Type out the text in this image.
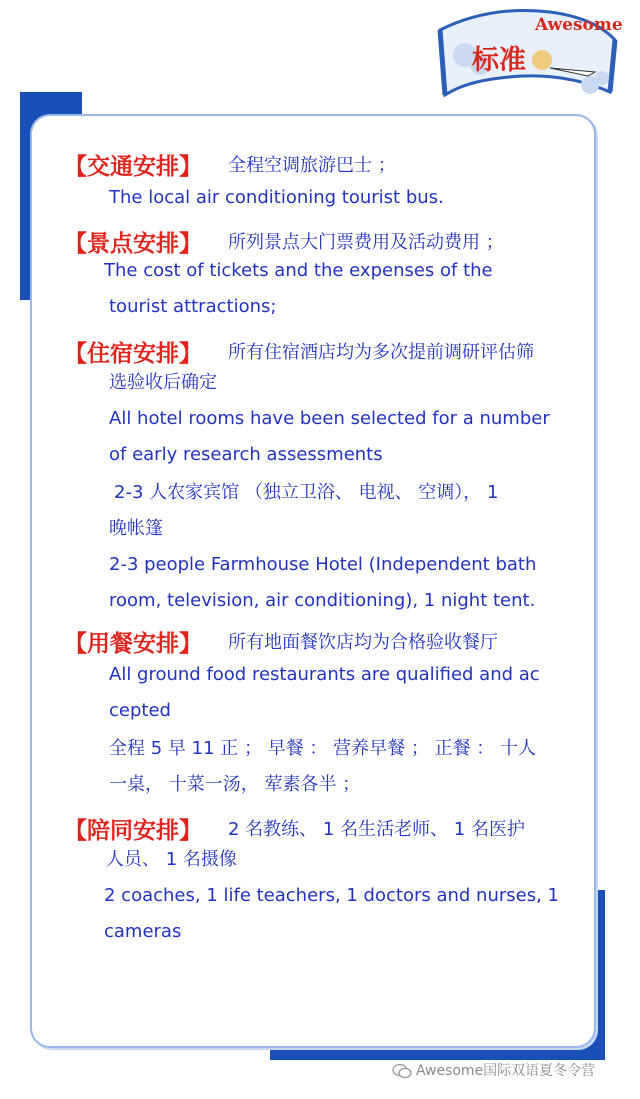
Awesome
标准
【交通安排】 全程空调旅游巴士 ；
The local air conditioning tourist bus.
【景点安排】 所列景点大门票费用及活动费用 ；
The cost of tickets and the expenses of the
tourist attractions;
【住宿安排】 所有住宿酒店均为多次提前调研评估筛
选验收后确定
All hotel rooms have been selected for a number
of early research assessments
2-3 人农家宾馆 （独立卫浴、 电视、 空调）， 1
晚帐篷
2-3 people Farmhouse Hotel (Independent bath
room, television, air conditioning), 1 night tent.
【用餐安排】 所有地面餐饮店均为合格验收餐厅
All ground food restaurants are qualified and ac
cepted
全程 5 早 11 正 ； 早餐 ： 营养早餐 ； 正餐 ： 十人
一桌， 十菜一汤， 荤素各半 ；
【陪同安排】 2 名教练、 1 名生活老师、 1 名医护
人员、 1 名摄像
2 coaches, 1 life teachers, 1 doctors and nurses, 1
cameras
Awesome国际双语夏冬令营
